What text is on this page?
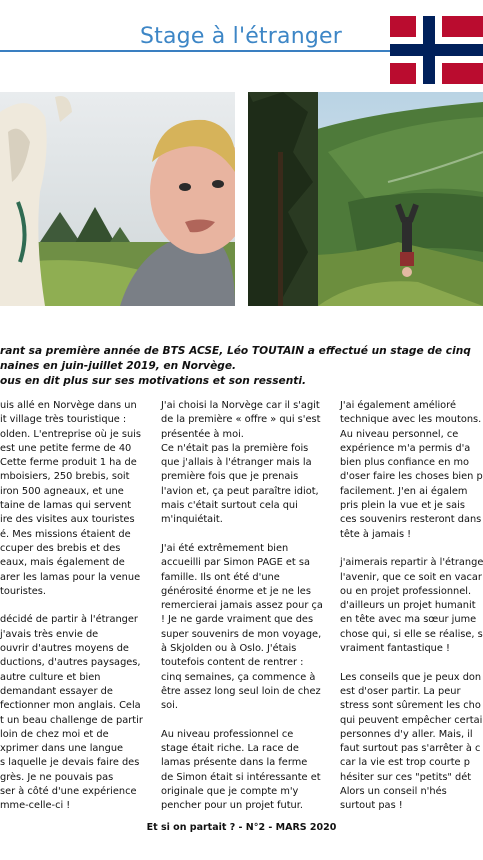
Stage à l'étranger
rant sa première année de BTS ACSE, Léo TOUTAIN a effectué un stage de cinq
naines en juin-juillet 2019, en Norvège.
ous en dit plus sur ses motivations et son ressenti.
uis allé en Norvège dans un
it village très touristique :
olden. L'entreprise où je suis
est une petite ferme de 40
Cette ferme produit 1 ha de
mboisiers, 250 brebis, soit
iron 500 agneaux, et une
taine de lamas qui servent
ire des visites aux touristes
é. Mes missions étaient de
ccuper des brebis et des
eaux, mais également de
arer les lamas pour la venue
touristes.
décidé de partir à l'étranger
j'avais très envie de
ouvrir d'autres moyens de
ductions, d'autres paysages,
autre culture et bien
demandant essayer de
fectionner mon anglais. Cela
t un beau challenge de partir
loin de chez moi et de
xprimer dans une langue
s laquelle je devais faire des
grès. Je ne pouvais pas
ser à côté d'une expérience
mme-celle-ci !
J'ai choisi la Norvège car il s'agit
de la première « offre » qui s'est
présentée à moi.
Ce n'était pas la première fois
que j'allais à l'étranger mais la
première fois que je prenais
l'avion et, ça peut paraître idiot,
mais c'était surtout cela qui
m'inquiétait.
J'ai été extrêmement bien
accueilli par Simon PAGE et sa
famille. Ils ont été d'une
générosité énorme et je ne les
remercierai jamais assez pour ça
! Je ne garde vraiment que des
super souvenirs de mon voyage,
à Skjolden ou à Oslo. J'étais
toutefois content de rentrer :
cinq semaines, ça commence à
être assez long seul loin de chez
soi.
Au niveau professionnel ce
stage était riche. La race de
lamas présente dans la ferme
de Simon était si intéressante et
originale que je compte m'y
pencher pour un projet futur.
J'ai également amélioré
technique avec les moutons.
Au niveau personnel, ce
expérience m'a permis d'a
bien plus confiance en mo
d'oser faire les choses bien p
facilement. J'en ai égalem
pris plein la vue et je sais
ces souvenirs resteront dans
tête à jamais !
j'aimerais repartir à l'étrange
l'avenir, que ce soit en vacar
ou en projet professionnel.
d'ailleurs un projet humanit
en tête avec ma sœur jume
chose qui, si elle se réalise, s
vraiment fantastique !
Les conseils que je peux don
est d'oser partir. La peur
stress sont sûrement les cho
qui peuvent empêcher certai
personnes d'y aller. Mais, il
faut surtout pas s'arrêter à c
car la vie est trop courte p
hésiter sur ces "petits" dét
Alors un conseil n'hés
surtout pas !
Et si on partait ? - N°2 - MARS 2020
